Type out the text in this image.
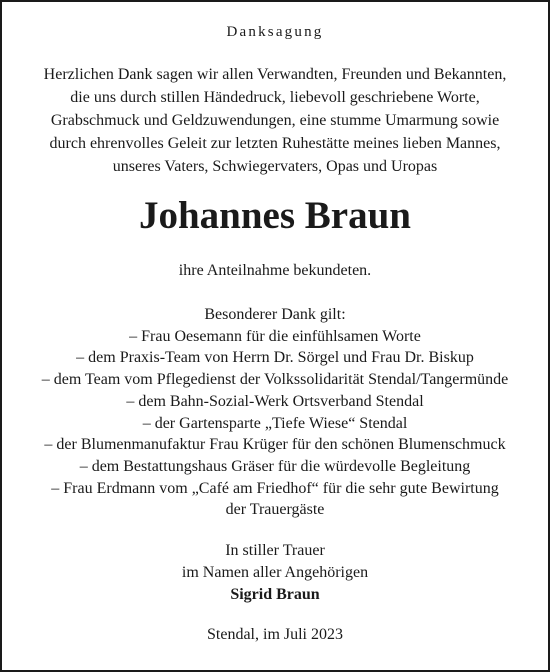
Danksagung
Herzlichen Dank sagen wir allen Verwandten, Freunden und Bekannten,
die uns durch stillen Händedruck, liebevoll geschriebene Worte,
Grabschmuck und Geldzuwendungen, eine stumme Umarmung sowie
durch ehrenvolles Geleit zur letzten Ruhestätte meines lieben Mannes,
unseres Vaters, Schwiegervaters, Opas und Uropas
Johannes Braun
ihre Anteilnahme bekundeten.
Besonderer Dank gilt:
– Frau Oesemann für die einfühlsamen Worte
– dem Praxis-Team von Herrn Dr. Sörgel und Frau Dr. Biskup
– dem Team vom Pflegedienst der Volkssolidarität Stendal/Tangermünde
– dem Bahn-Sozial-Werk Ortsverband Stendal
– der Gartensparte „Tiefe Wiese“ Stendal
– der Blumenmanufaktur Frau Krüger für den schönen Blumenschmuck
– dem Bestattungshaus Gräser für die würdevolle Begleitung
– Frau Erdmann vom „Café am Friedhof“ für die sehr gute Bewirtung
der Trauergäste
In stiller Trauer
im Namen aller Angehörigen
Sigrid Braun
Stendal, im Juli 2023
